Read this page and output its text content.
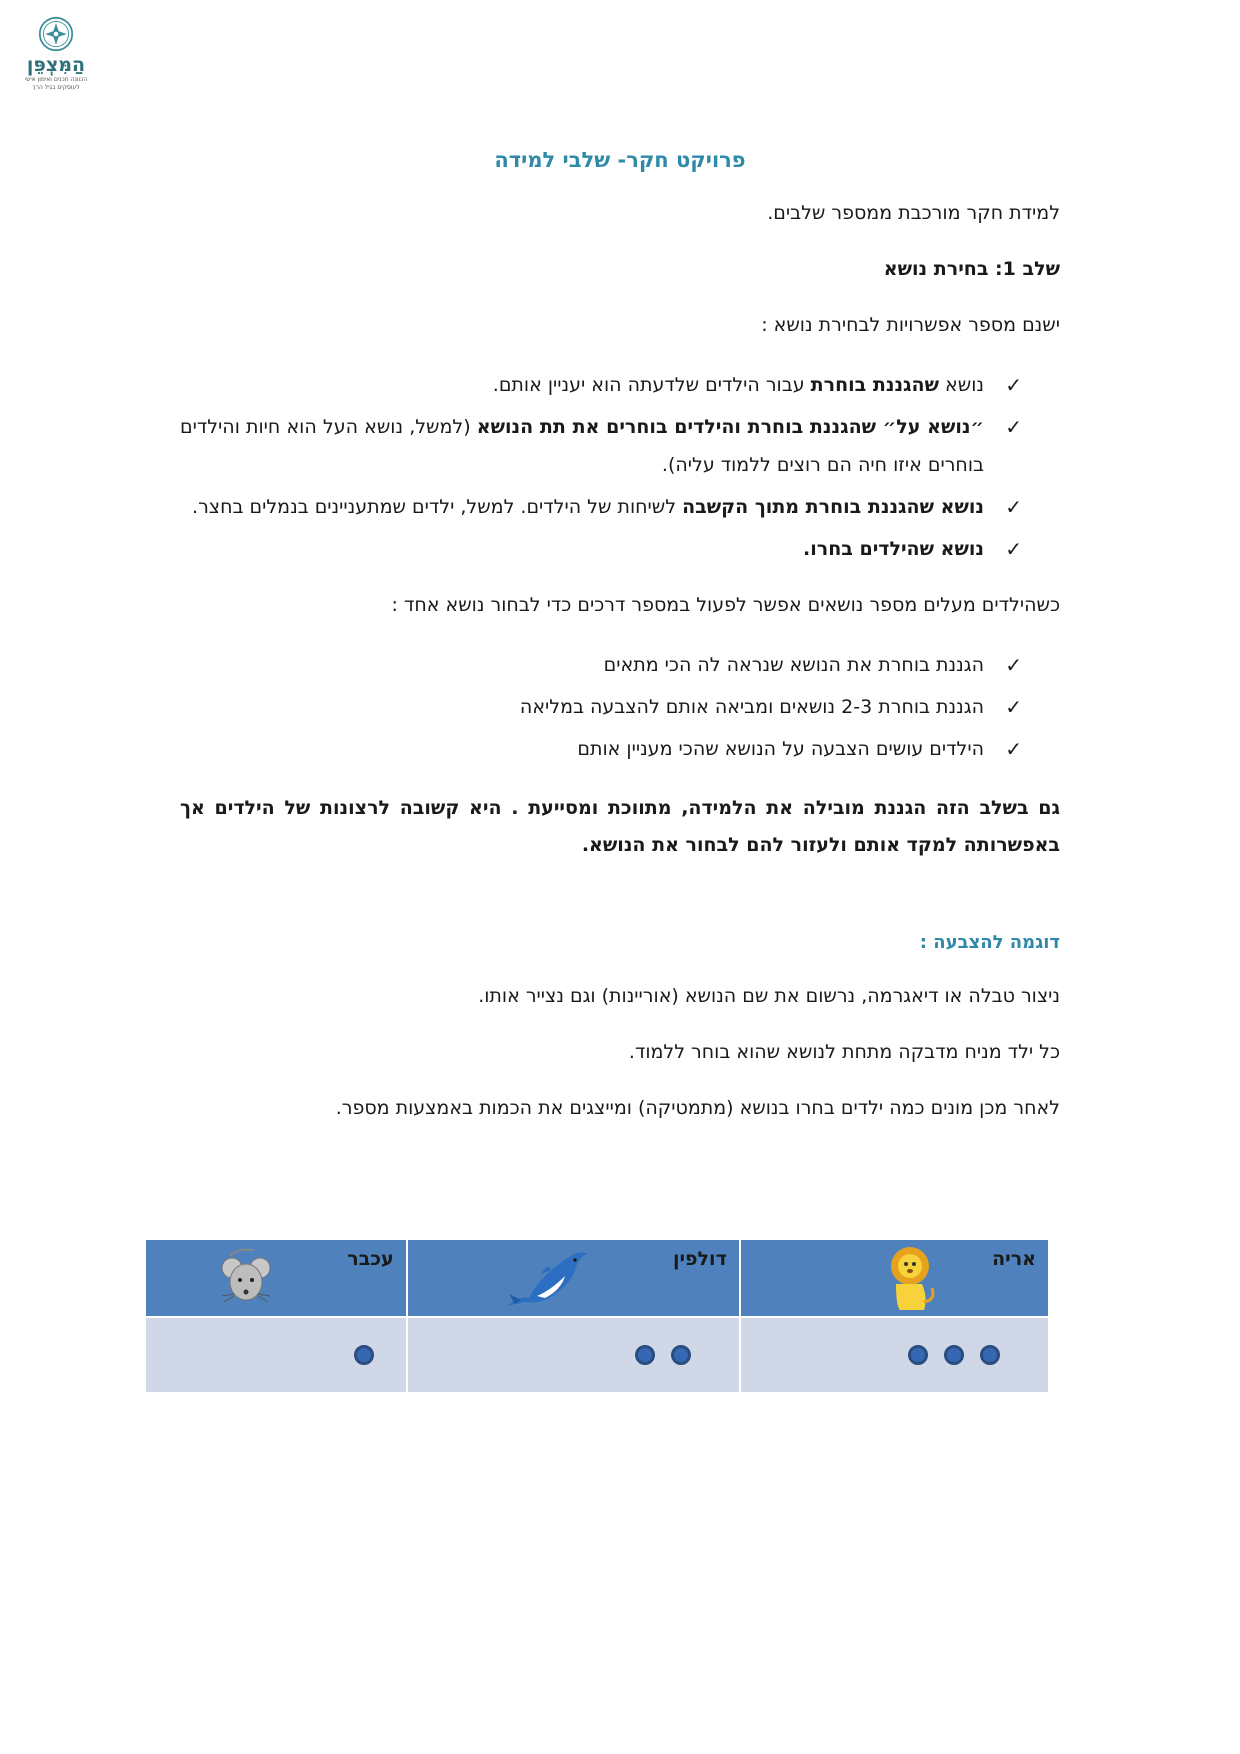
הַמִּצְפֵּן
הכוונה תכנים ואימון אישי
לעוסקים בגיל הרך
פרויקט חקר- שלבי למידה

למידת חקר מורכבת ממספר שלבים.

שלב 1: בחירת נושא

ישנם מספר אפשרויות לבחירת נושא :

✓
נושא שהגננת בוחרת עבור הילדים שלדעתה הוא יעניין אותם.
✓
״נושא על״ שהגננת בוחרת והילדים בוחרים את תת הנושא (למשל, נושא העל הוא חיות והילדים בוחרים איזו חיה הם רוצים ללמוד עליה).
✓
נושא שהגננת בוחרת מתוך הקשבה לשיחות של הילדים. למשל, ילדים שמתעניינים בנמלים בחצר.
✓
נושא שהילדים בחרו.

כשהילדים מעלים מספר נושאים אפשר לפעול במספר דרכים כדי לבחור נושא אחד :

✓
הגננת בוחרת את הנושא שנראה לה הכי מתאים
✓
הגננת בוחרת 2-3 נושאים ומביאה אותם להצבעה במליאה
✓
הילדים עושים הצבעה על הנושא שהכי מעניין אותם

גם בשלב הזה הגננת מובילה את הלמידה, מתווכת ומסייעת . היא קשובה לרצונות של הילדים אך באפשרותה למקד אותם ולעזור להם לבחור את הנושא.

דוגמה להצבעה :

ניצור טבלה או דיאגרמה, נרשום את שם הנושא (אוריינות) וגם נצייר אותו.

כל ילד מניח מדבקה מתחת לנושא שהוא בוחר ללמוד.

לאחר מכן מונים כמה ילדים בחרו בנושא (מתמטיקה) ומייצגים את הכמות באמצעות מספר.

אריה	דולפין	עכבר
